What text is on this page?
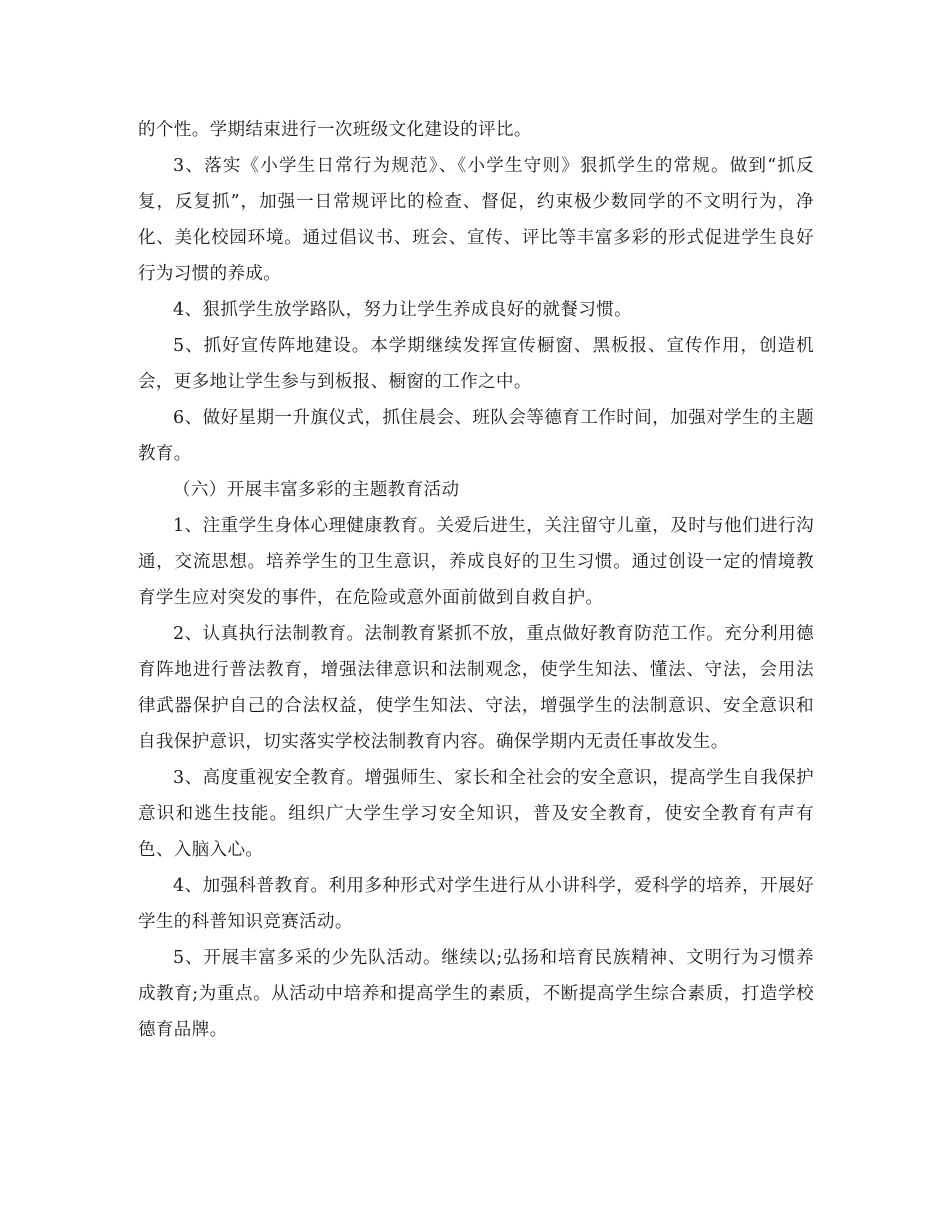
的个性。学期结束进行一次班级文化建设的评比。

3、落实《小学生日常行为规范》、《小学生守则》狠抓学生的常规。做到“抓反复，反复抓”，加强一日常规评比的检查、督促，约束极少数同学的不文明行为，净化、美化校园环境。通过倡议书、班会、宣传、评比等丰富多彩的形式促进学生良好行为习惯的养成。

4、狠抓学生放学路队，努力让学生养成良好的就餐习惯。

5、抓好宣传阵地建设。本学期继续发挥宣传橱窗、黑板报、宣传作用，创造机会，更多地让学生参与到板报、橱窗的工作之中。

6、做好星期一升旗仪式，抓住晨会、班队会等德育工作时间，加强对学生的主题教育。

（六）开展丰富多彩的主题教育活动

1、注重学生身体心理健康教育。关爱后进生，关注留守儿童，及时与他们进行沟通，交流思想。培养学生的卫生意识，养成良好的卫生习惯。通过创设一定的情境教育学生应对突发的事件，在危险或意外面前做到自救自护。

2、认真执行法制教育。法制教育紧抓不放，重点做好教育防范工作。充分利用德育阵地进行普法教育，增强法律意识和法制观念，使学生知法、懂法、守法，会用法律武器保护自己的合法权益，使学生知法、守法，增强学生的法制意识、安全意识和自我保护意识，切实落实学校法制教育内容。确保学期内无责任事故发生。

3、高度重视安全教育。增强师生、家长和全社会的安全意识，提高学生自我保护意识和逃生技能。组织广大学生学习安全知识，普及安全教育，使安全教育有声有色、入脑入心。

4、加强科普教育。利用多种形式对学生进行从小讲科学，爱科学的培养，开展好学生的科普知识竞赛活动。

5、开展丰富多采的少先队活动。继续以;弘扬和培育民族精神、文明行为习惯养成教育;为重点。从活动中培养和提高学生的素质，不断提高学生综合素质，打造学校德育品牌。
